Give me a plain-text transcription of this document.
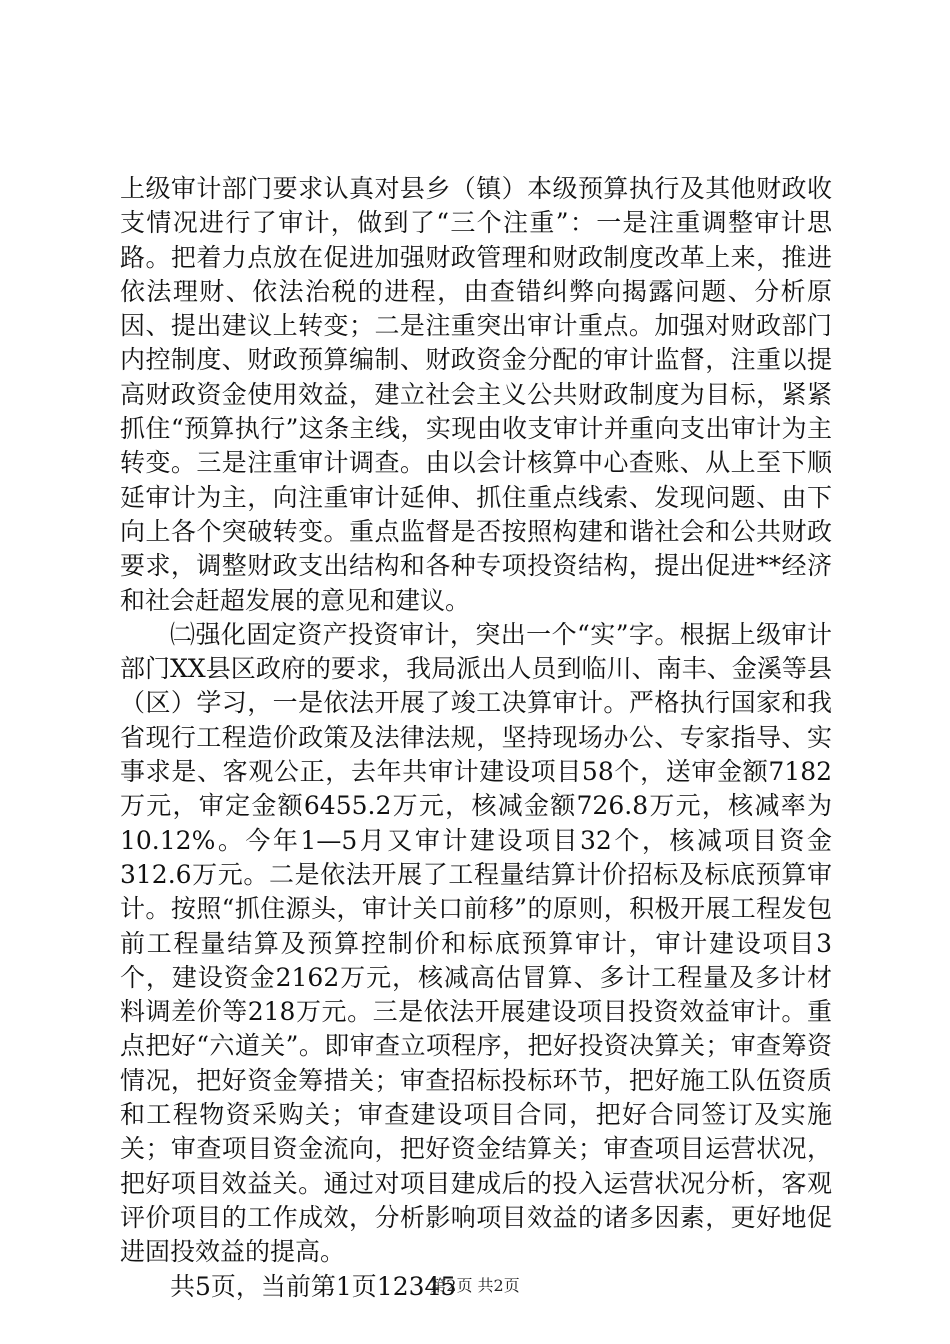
上级审计部门要求认真对县乡（镇）本级预算执行及其他财政收支情况进行了审计，做到了“三个注重”：一是注重调整审计思路。把着力点放在促进加强财政管理和财政制度改革上来，推进依法理财、依法治税的进程，由查错纠弊向揭露问题、分析原因、提出建议上转变；二是注重突出审计重点。加强对财政部门内控制度、财政预算编制、财政资金分配的审计监督，注重以提高财政资金使用效益，建立社会主义公共财政制度为目标，紧紧抓住“预算执行”这条主线，实现由收支审计并重向支出审计为主转变。三是注重审计调查。由以会计核算中心查账、从上至下顺延审计为主，向注重审计延伸、抓住重点线索、发现问题、由下向上各个突破转变。重点监督是否按照构建和谐社会和公共财政要求，调整财政支出结构和各种专项投资结构，提出促进**经济和社会赶超发展的意见和建议。

㈡强化固定资产投资审计，突出一个“实”字。根据上级审计部门XX县区政府的要求，我局派出人员到临川、南丰、金溪等县（区）学习，一是依法开展了竣工决算审计。严格执行国家和我省现行工程造价政策及法律法规，坚持现场办公、专家指导、实事求是、客观公正，去年共审计建设项目58个，送审金额7182万元，审定金额6455.2万元，核减金额726.8万元，核减率为10.12%。今年1—5月又审计建设项目32个，核减项目资金312.6万元。二是依法开展了工程量结算计价招标及标底预算审计。按照“抓住源头，审计关口前移”的原则，积极开展工程发包前工程量结算及预算控制价和标底预算审计，审计建设项目3个，建设资金2162万元，核减高估冒算、多计工程量及多计材料调差价等218万元。三是依法开展建设项目投资效益审计。重点把好“六道关”。即审查立项程序，把好投资决算关；审查筹资情况，把好资金筹措关；审查招标投标环节，把好施工队伍资质和工程物资采购关；审查建设项目合同，把好合同签订及实施关；审查项目资金流向，把好资金结算关；审查项目运营状况，把好项目效益关。通过对项目建成后的投入运营状况分析，客观评价项目的工作成效，分析影响项目效益的诸多因素，更好地促进固投效益的提高。

共5页，当前第1页12345

第2页 共2页
